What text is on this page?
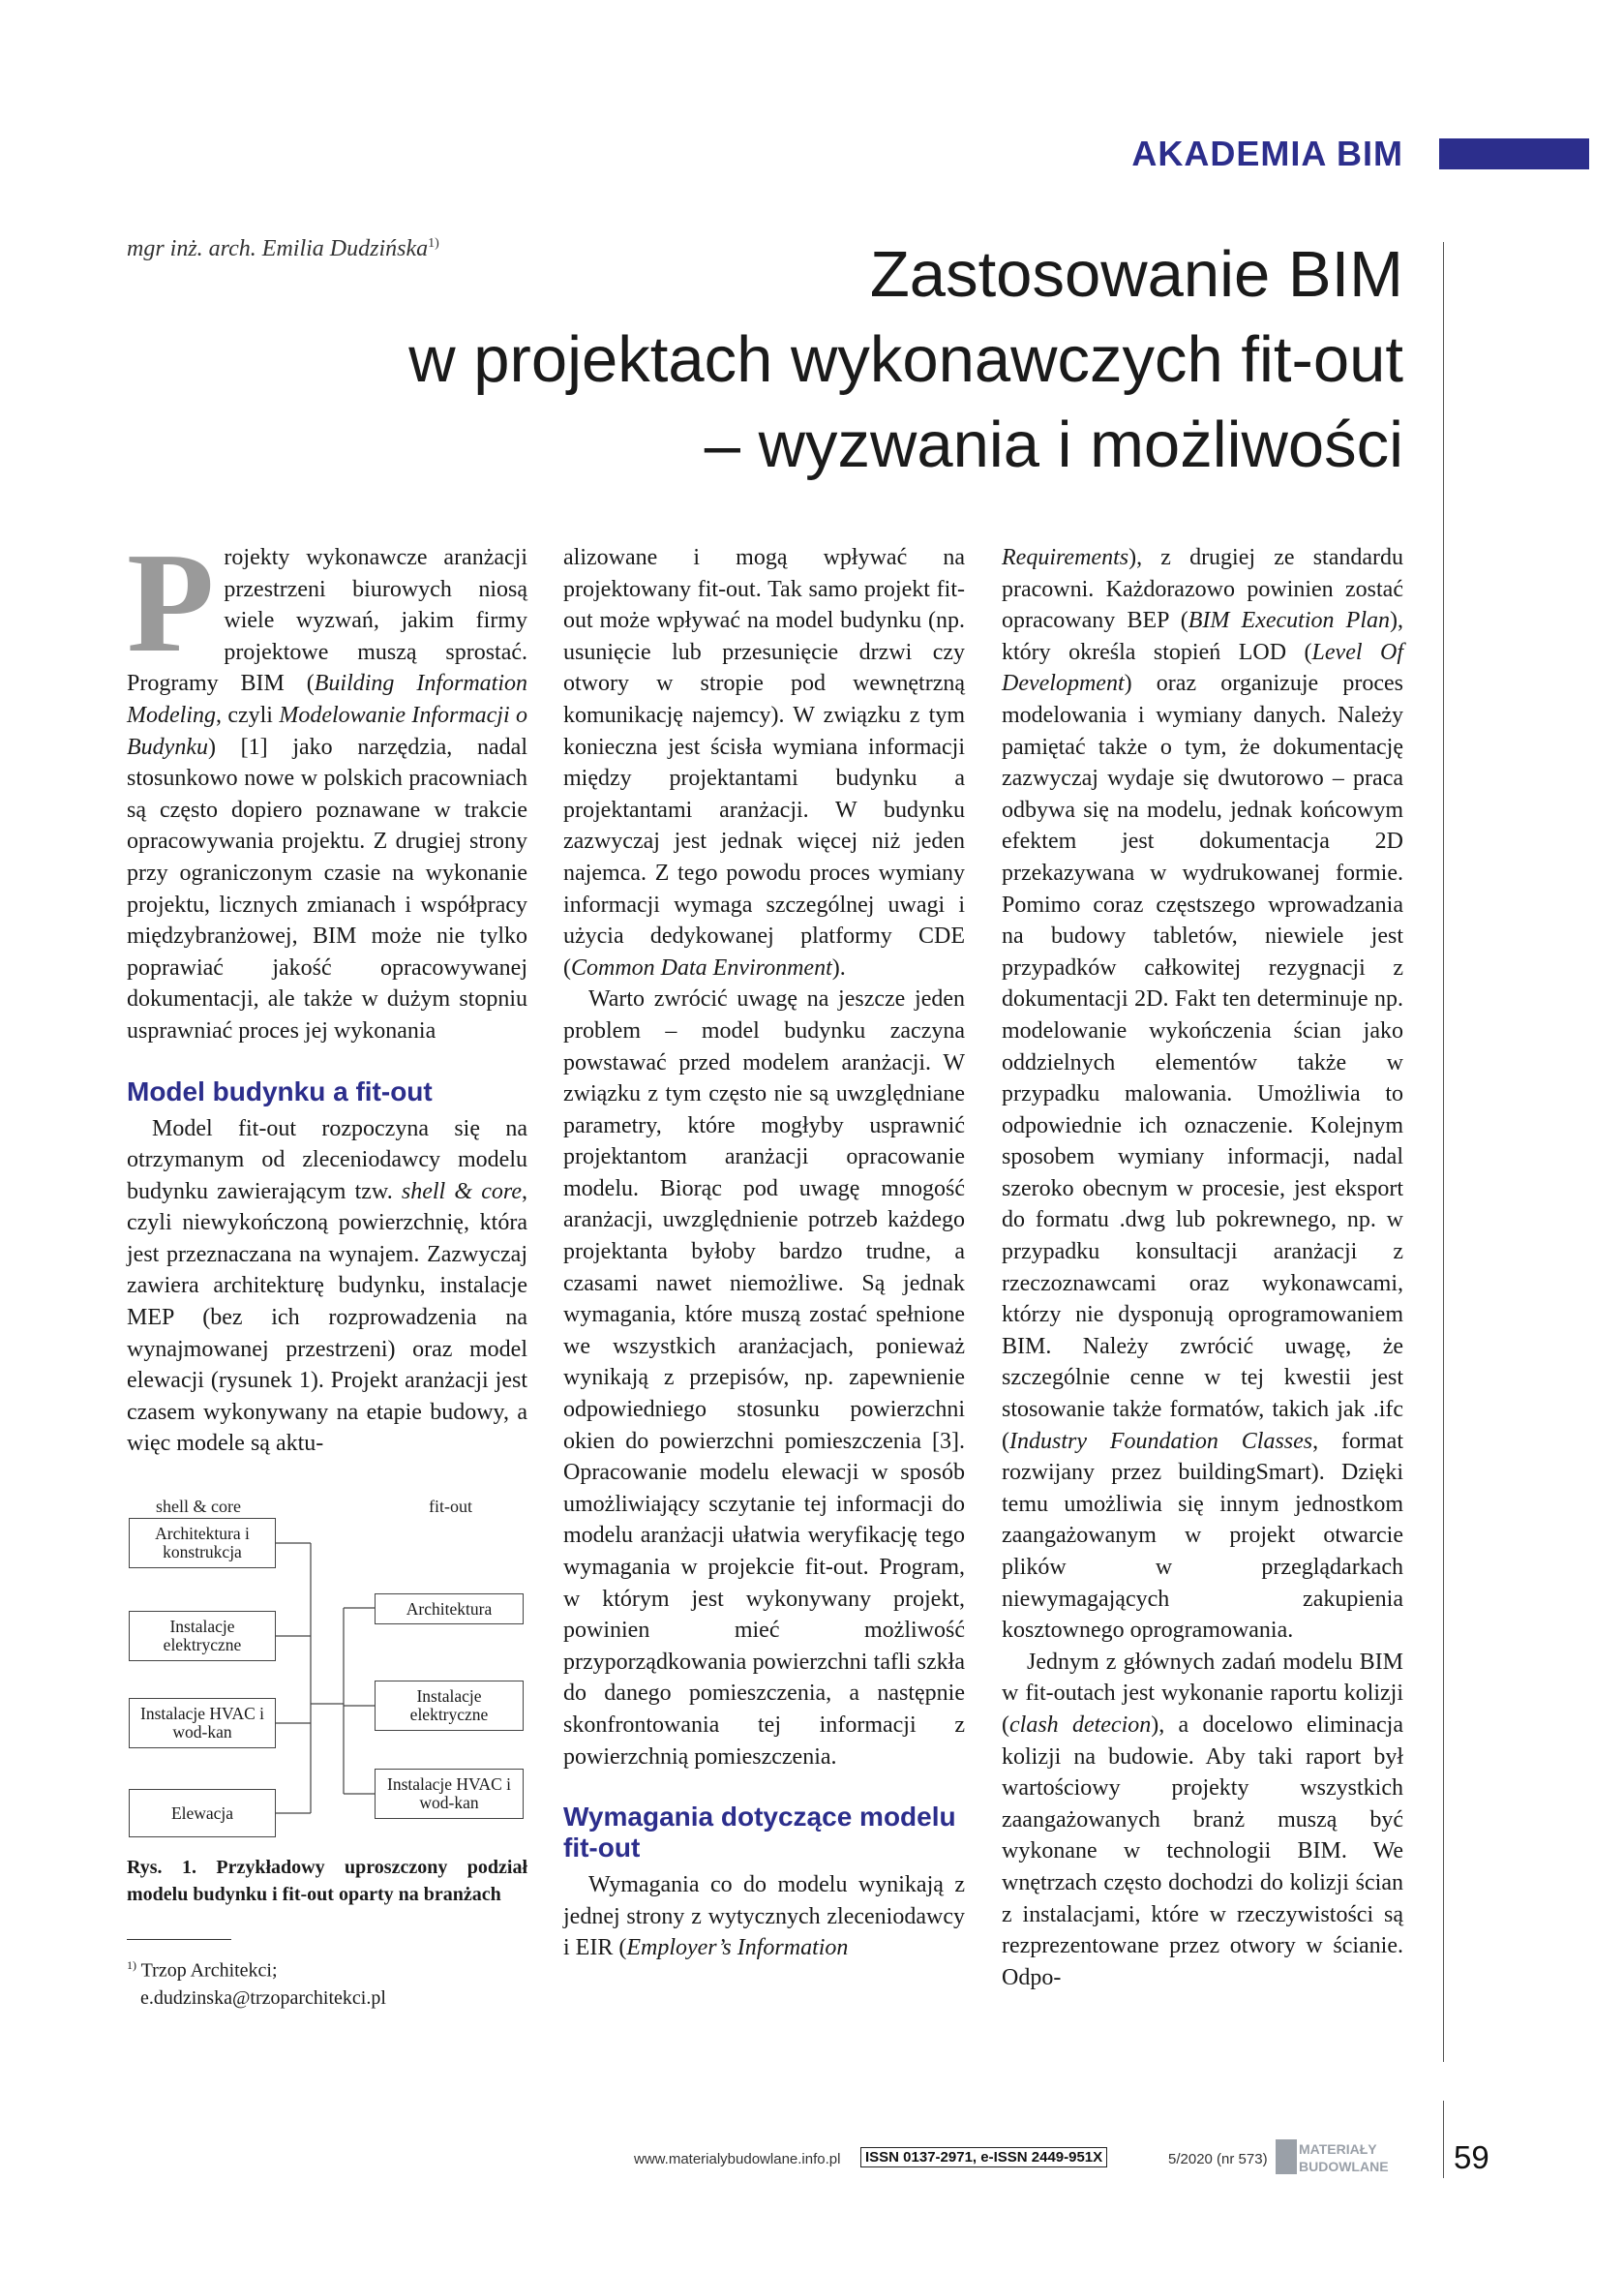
AKADEMIA BIM
mgr inż. arch. Emilia Dudzińska$^{1)}$	Zastosowanie BIM
w projektach wykonawczych fit-out
– wyzwania i możliwości

Projekty wykonawcze aranżacji przestrzeni biurowych niosą wiele wyzwań, jakim firmy projektowe muszą sprostać. Programy BIM (Building Information Modeling, czyli Modelowanie Informacji o Budynku) [1] jako narzędzia, nadal stosunkowo nowe w polskich pracowniach są często dopiero poznawane w trakcie opracowywania projektu. Z drugiej strony przy ograniczonym czasie na wykonanie projektu, licznych zmianach i współpracy międzybranżowej, BIM może nie tylko poprawiać jakość opracowywanej dokumentacji, ale także w dużym stopniu usprawniać proces jej wykonania

Model budynku a fit-out

Model fit-out rozpoczyna się na otrzymanym od zleceniodawcy modelu budynku zawierającym tzw. shell & core, czyli niewykończoną powierzchnię, która jest przeznaczana na wynajem. Zazwyczaj zawiera architekturę budynku, instalacje MEP (bez ich rozprowadzenia na wynajmowanej przestrzeni) oraz model elewacji (rysunek 1). Projekt aranżacji jest czasem wykonywany na etapie budowy, a więc modele są aktu-

shell & core	fit-out
Architektura i konstrukcja
Instalacje elektryczne
Instalacje HVAC i wod-kan
Elewacja
Architektura
Instalacje elektryczne
Instalacje HVAC i wod-kan
Rys. 1. Przykładowy uproszczony podział modelu budynku i fit-out oparty na branżach
$^{1)}$ Trzop Architekci;
e.dudzinska@trzoparchitekci.pl

alizowane i mogą wpływać na projektowany fit-out. Tak samo projekt fit-out może wpływać na model budynku (np. usunięcie lub przesunięcie drzwi czy otwory w stropie pod wewnętrzną komunikację najemcy). W związku z tym konieczna jest ścisła wymiana informacji między projektantami budynku a projektantami aranżacji. W budynku zazwyczaj jest jednak więcej niż jeden najemca. Z tego powodu proces wymiany informacji wymaga szczególnej uwagi i użycia dedykowanej platformy CDE (Common Data Environment).

Warto zwrócić uwagę na jeszcze jeden problem – model budynku zaczyna powstawać przed modelem aranżacji. W związku z tym często nie są uwzględniane parametry, które mogłyby usprawnić projektantom aranżacji opracowanie modelu. Biorąc pod uwagę mnogość aranżacji, uwzględnienie potrzeb każdego projektanta byłoby bardzo trudne, a czasami nawet niemożliwe. Są jednak wymagania, które muszą zostać spełnione we wszystkich aranżacjach, ponieważ wynikają z przepisów, np. zapewnienie odpowiedniego stosunku powierzchni okien do powierzchni pomieszczenia [3]. Opracowanie modelu elewacji w sposób umożliwiający sczytanie tej informacji do modelu aranżacji ułatwia weryfikację tego wymagania w projekcie fit-out. Program, w którym jest wykonywany projekt, powinien mieć możliwość przyporządkowania powierzchni tafli szkła do danego pomieszczenia, a następnie skonfrontowania tej informacji z powierzchnią pomieszczenia.

Wymagania dotyczące modelu fit-out

Wymagania co do modelu wynikają z jednej strony z wytycznych zleceniodawcy i EIR (Employer’s Information

Requirements), z drugiej ze standardu pracowni. Każdorazowo powinien zostać opracowany BEP (BIM Execution Plan), który określa stopień LOD (Level Of Development) oraz organizuje proces modelowania i wymiany danych. Należy pamiętać także o tym, że dokumentację zazwyczaj wydaje się dwutorowo – praca odbywa się na modelu, jednak końcowym efektem jest dokumentacja 2D przekazywana w wydrukowanej formie. Pomimo coraz częstszego wprowadzania na budowy tabletów, niewiele jest przypadków całkowitej rezygnacji z dokumentacji 2D. Fakt ten determinuje np. modelowanie wykończenia ścian jako oddzielnych elementów także w przypadku malowania. Umożliwia to odpowiednie ich oznaczenie. Kolejnym sposobem wymiany informacji, nadal szeroko obecnym w procesie, jest eksport do formatu .dwg lub pokrewnego, np. w przypadku konsultacji aranżacji z rzeczoznawcami oraz wykonawcami, którzy nie dysponują oprogramowaniem BIM. Należy zwrócić uwagę, że szczególnie cenne w tej kwestii jest stosowanie także formatów, takich jak .ifc (Industry Foundation Classes, format rozwijany przez buildingSmart). Dzięki temu umożliwia się innym jednostkom zaangażowanym w projekt otwarcie plików w przeglądarkach niewymagających zakupienia kosztownego oprogramowania.

Jednym z głównych zadań modelu BIM w fit-outach jest wykonanie raportu kolizji (clash detecion), a docelowo eliminacja kolizji na budowie. Aby taki raport był wartościowy projekty wszystkich zaangażowanych branż muszą być wykonane w technologii BIM. We wnętrzach często dochodzi do kolizji ścian z instalacjami, które w rzeczywistości są rezprezentowane przez otwory w ścianie. Odpo-

www.materialybudowlane.info.pl	ISSN 0137-2971, e-ISSN 2449-951X	5/2020 (nr 573)
MATERIAŁY
BUDOWLANE 59
